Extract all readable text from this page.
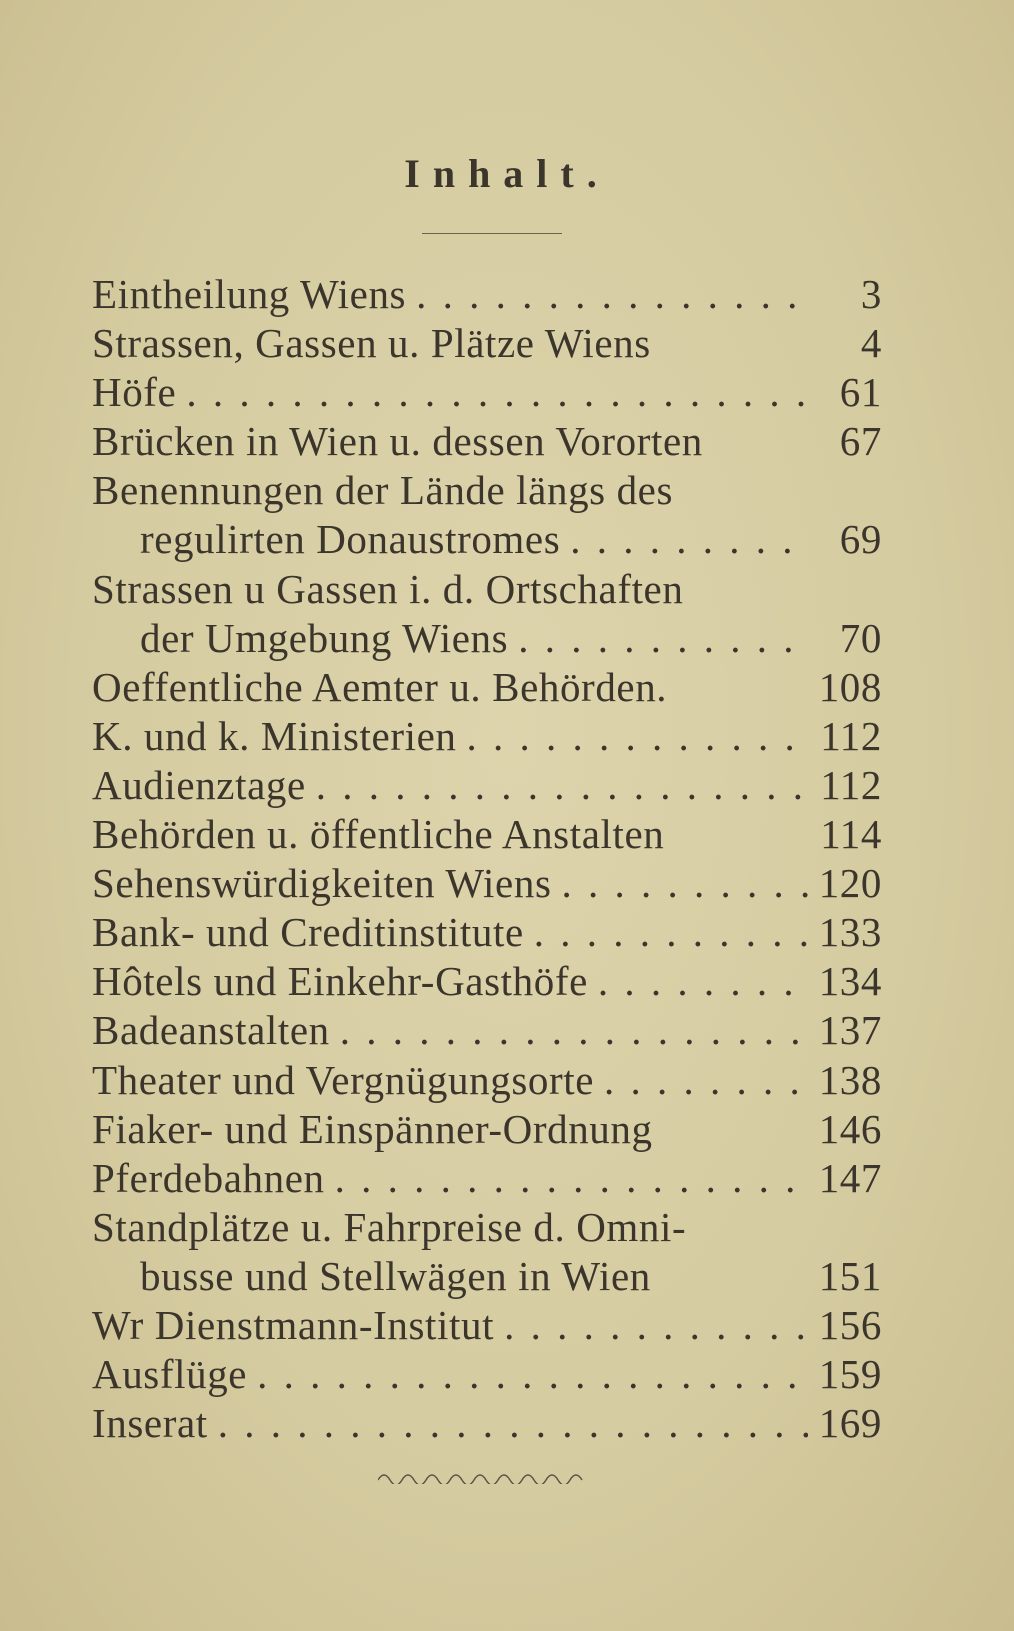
Inhalt.
Eintheilung Wiens . . .	3
Strassen, Gassen u. Plätze Wiens	4
Höfe . . .	61
Brücken in Wien u. dessen Vororten	67
Benennungen der Lände längs des
regulirten Donaustromes . . .	69
Strassen u Gassen i. d. Ortschaften
der Umgebung Wiens . . .	70
Oeffentliche Aemter u. Behörden.	108
K. und k. Ministerien . . .	112
Audienztage . . .	112
Behörden u. öffentliche Anstalten	114
Sehenswürdigkeiten Wiens . . .	120
Bank- und Creditinstitute . . .	133
Hôtels und Einkehr-Gasthöfe . . .	134
Badeanstalten . . .	137
Theater und Vergnügungsorte . . .	138
Fiaker- und Einspänner-Ordnung	146
Pferdebahnen . . .	147
Standplätze u. Fahrpreise d. Omni-
busse und Stellwägen in Wien	151
Wr Dienstmann-Institut . . .	156
Ausflüge . . .	159
Inserat . . .	169
